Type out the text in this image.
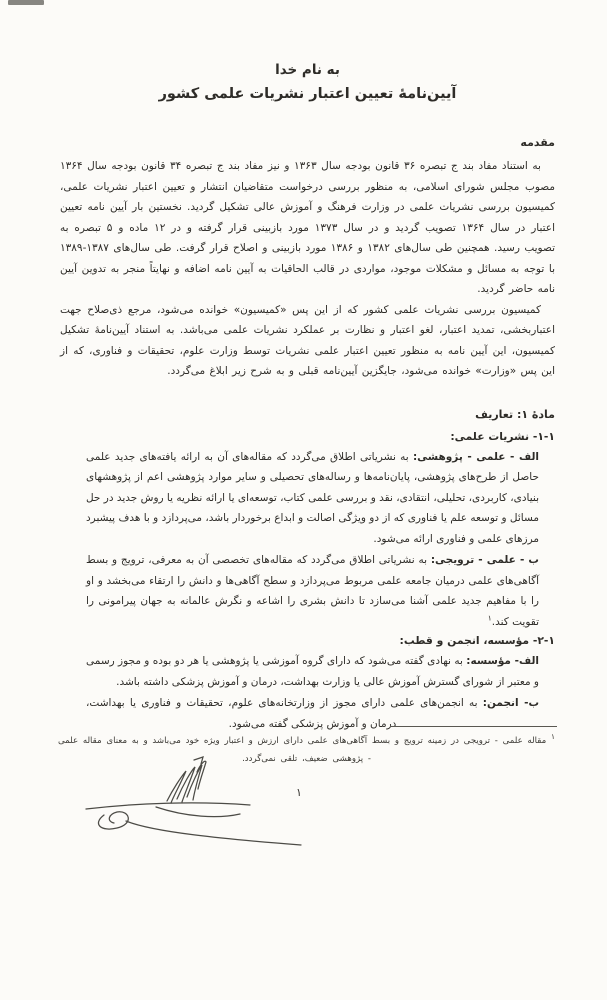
به نام خدا
آیین‌نامهٔ تعیین اعتبار نشریات علمی کشور
مقدمه

به استناد مفاد بند ج تبصره ۳۶ قانون بودجه سال ۱۳۶۳ و نیز مفاد بند ج تبصره ۳۴ قانون بودجه سال ۱۳۶۴ مصوب مجلس شورای اسلامی، به منظور بررسی درخواست متقاضیان انتشار و تعیین اعتبار نشریات علمی، کمیسیون بررسی نشریات علمی در وزارت فرهنگ و آموزش عالی تشکیل گردید. نخستین بار آیین نامه تعیین اعتبار در سال ۱۳۶۴ تصویب گردید و در سال ۱۳۷۳ مورد بازبینی قرار گرفته و در ۱۲ ماده و ۵ تبصره به تصویب رسید. همچنین طی سال‌های ۱۳۸۲ و ۱۳۸۶ مورد بازبینی و اصلاح قرار گرفت. طی سال‌های ۱۳۸۷‏-۱۳۸۹ با توجه به مسائل و مشکلات موجود، مواردی در قالب الحاقیات به آیین نامه اضافه و نهایتاً منجر به تدوین آیین نامه حاضر گردید.

کمیسیون بررسی نشریات علمی کشور که از این پس «کمیسیون» خوانده می‌شود، مرجع ذی‌صلاح جهت اعتباربخشی، تمدید اعتبار، لغو اعتبار و نظارت بر عملکرد نشریات علمی می‌باشد. به استناد آیین‌نامهٔ تشکیل کمیسیون، این آیین نامه به منظور تعیین اعتبار علمی نشریات توسط وزارت علوم، تحقیقات و فناوری، که از این پس «وزارت» خوانده می‌شود، جایگزین آیین‌نامه قبلی و به شرح زیر ابلاغ می‌گردد.

مادهٔ ۱: تعاریف
۱-۱- نشریات علمی:

الف - علمی - پژوهشی: به نشریاتی اطلاق می‌گردد که مقاله‌های آن به ارائه یافته‌های جدید علمی حاصل از طرح‌های پژوهشی، پایان‌نامه‌ها و رساله‌های تحصیلی و سایر موارد پژوهشی اعم از پژوهشهای بنیادی، کاربردی، تحلیلی، انتقادی، نقد و بررسی علمی کتاب، توسعه‌ای یا ارائه نظریه یا روش جدید در حل مسائل و توسعه علم یا فناوری که از دو ویژگی اصالت و ابداع برخوردار باشد، می‌پردازد و با هدف پیشبرد مرزهای علمی و فناوری ارائه می‌شود.

ب - علمی - ترویجی: به نشریاتی اطلاق می‌گردد که مقاله‌های تخصصی آن به معرفی، ترویج و بسط آگاهی‌های علمی درمیان جامعه علمی مربوط می‌پردازد و سطح آگاهی‌ها و دانش را ارتقاء می‌بخشد و او را با مفاهیم جدید علمی آشنا می‌سازد تا دانش بشری را اشاعه و نگرش عالمانه به جهان پیرامونی را تقویت کند.$^۱$

۱‏-۲- مؤسسه، انجمن و قطب:

الف- مؤسسه: به نهادی گفته می‌شود که دارای گروه آموزشی یا پژوهشی یا هر دو بوده و مجوز رسمی و معتبر از شورای گسترش آموزش عالی یا وزارت بهداشت، درمان و آموزش پزشکی داشته باشد.

ب- انجمن: به انجمن‌های علمی دارای مجوز از وزارتخانه‌های علوم، تحقیقات و فناوری یا بهداشت، درمان و آموزش پزشکی گفته می‌شود.

$^۱$ مقاله علمی - ترویجی در زمینه ترویج و بسط آگاهی‌های علمی دارای ارزش و اعتبار ویژه خود می‌باشد و به معنای مقاله علمی - پژوهشی ضعیف، تلقی نمی‌گردد.
۱
